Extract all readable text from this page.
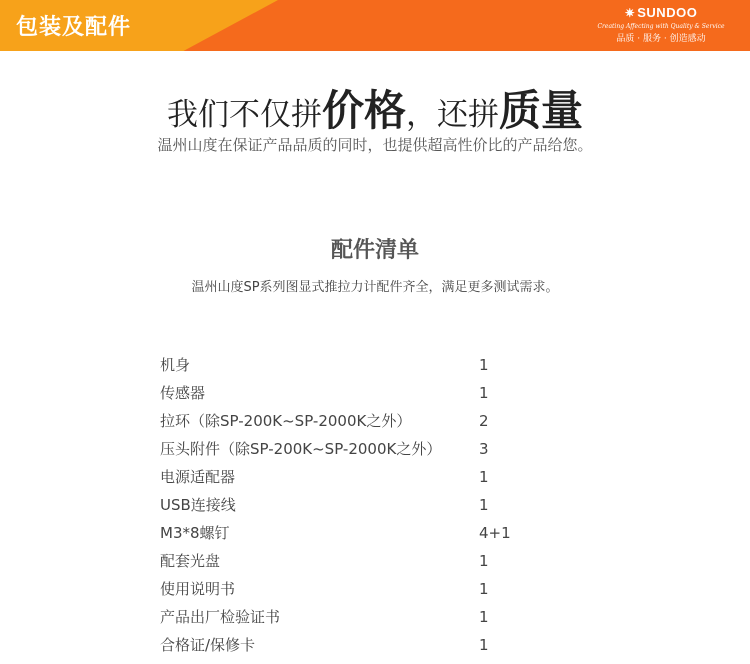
包装及配件
✷ SUNDOO
Creating Affecting with Quality & Service
品质 · 服务 · 创造感动
我们不仅拼价格，还拼质量
温州山度在保证产品品质的同时，也提供超高性价比的产品给您。
配件清单
温州山度SP系列图显式推拉力计配件齐全，满足更多测试需求。
机身	1
传感器	1
拉环（除SP-200K~SP-2000K之外）	2
压头附件（除SP-200K~SP-2000K之外）	3
电源适配器	1
USB连接线	1
M3*8螺钉	4+1
配套光盘	1
使用说明书	1
产品出厂检验证书	1
合格证/保修卡	1
